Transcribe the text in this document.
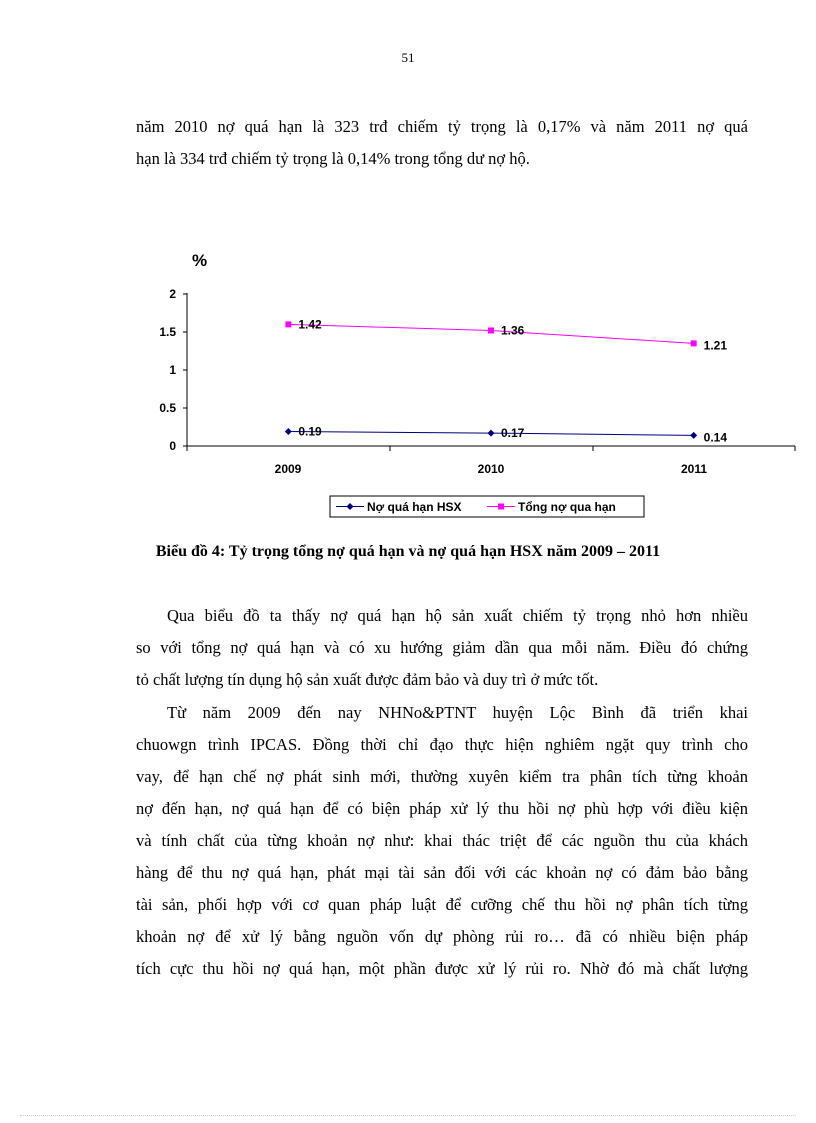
51

năm 2010 nợ quá hạn là 323 trđ chiếm tỷ trọng là 0,17% và năm 2011 nợ quá
hạn là 334 trđ chiếm tỷ trọng là 0,14% trong tổng dư nợ hộ.

%
0
0.5
1
1.5
2
2009	2010	2011
0.19	0.17	0.14
1.42	1.36
1.21
Nợ quá hạn HSX	Tổng nợ qua hạn
Biểu đồ 4: Tỷ trọng tổng nợ quá hạn và nợ quá hạn HSX năm 2009 – 2011

Qua biểu đồ ta thấy nợ quá hạn hộ sản xuất chiếm tỷ trọng nhỏ hơn nhiều
so với tổng nợ quá hạn và có xu hướng giảm dần qua mỗi năm. Điều đó chứng
tỏ chất lượng tín dụng hộ sản xuất được đảm bảo và duy trì ở mức tốt.

Từ năm 2009 đến nay NHNo&PTNT huyện Lộc Bình đã triển khai
chuowgn trình IPCAS. Đồng thời chỉ đạo thực hiện nghiêm ngặt quy trình cho
vay, để hạn chế nợ phát sinh mới, thường xuyên kiểm tra phân tích từng khoản
nợ đến hạn, nợ quá hạn để có biện pháp xử lý thu hồi nợ phù hợp với điều kiện
và tính chất của từng khoản nợ như: khai thác triệt để các nguồn thu của khách
hàng để thu nợ quá hạn, phát mại tài sản đối với các khoản nợ có đảm bảo bằng
tài sản, phối hợp với cơ quan pháp luật để cưỡng chế thu hồi nợ phân tích từng
khoản nợ để xử lý bằng nguồn vốn dự phòng rủi ro… đã có nhiều biện pháp
tích cực thu hồi nợ quá hạn, một phần được xử lý rủi ro. Nhờ đó mà chất lượng
